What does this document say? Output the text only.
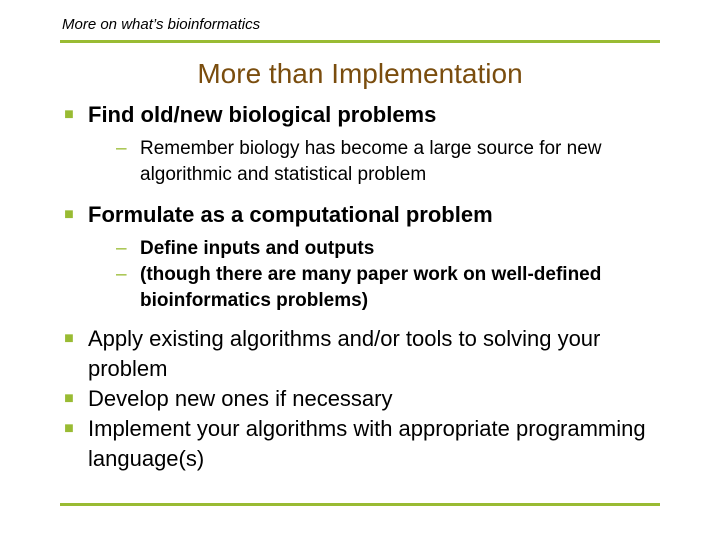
More on what’s bioinformatics
More than Implementation
■ Find old/new biological problems
– Remember biology has become a large source for new algorithmic and statistical problem
■ Formulate as a computational problem
– Define inputs and outputs
– (though there are many paper work on well-defined bioinformatics problems)
■ Apply existing algorithms and/or tools to solving your problem
■ Develop new ones if necessary
■ Implement your algorithms with appropriate programming language(s)
